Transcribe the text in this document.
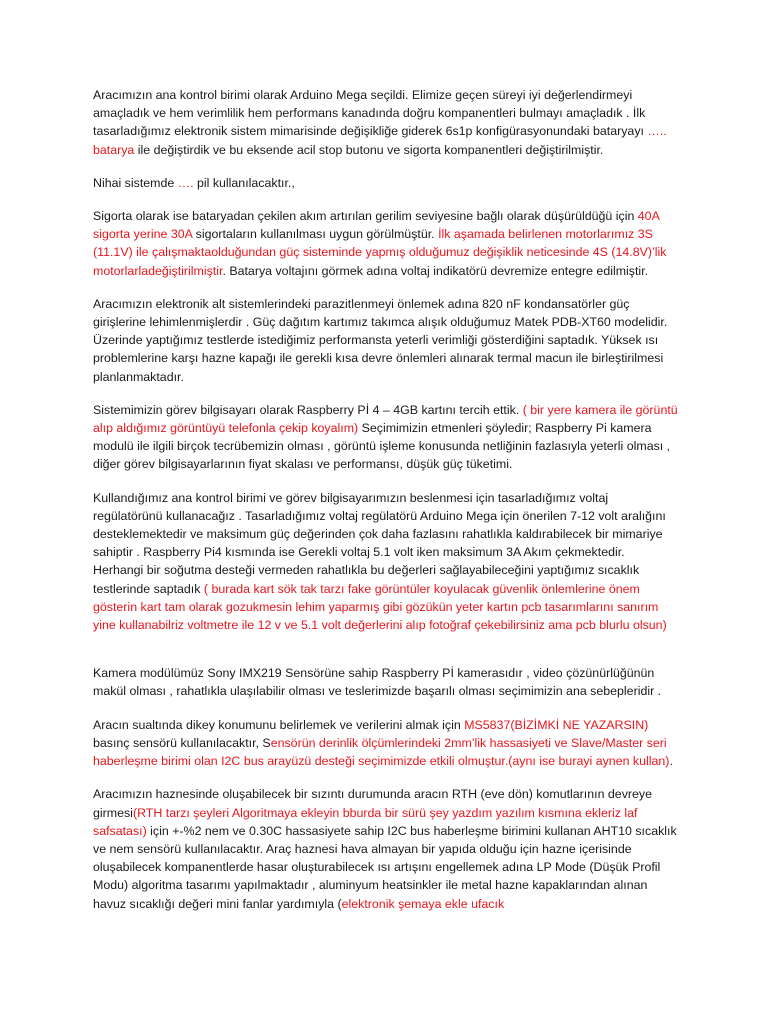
Aracımızın ana kontrol birimi olarak Arduino Mega seçildi. Elimize geçen süreyi iyi değerlendirmeyi amaçladık ve hem verimlilik hem performans kanadında doğru kompanentleri bulmayı amaçladık . İlk tasarladığımız elektronik sistem mimarisinde değişikliğe giderek 6s1p konfigürasyonundaki bataryayı ….. batarya ile değiştirdik ve bu eksende acil stop butonu ve sigorta kompanentleri değiştirilmiştir.

Nihai sistemde …. pil kullanılacaktır.,

Sigorta olarak ise bataryadan çekilen akım artırılan gerilim seviyesine bağlı olarak düşürüldüğü için 40A sigorta yerine 30A sigortaların kullanılması uygun görülmüştür. İlk aşamada belirlenen motorlarımız 3S (11.1V) ile çalışmaktaolduğundan güç sisteminde yapmış olduğumuz değişiklik neticesinde 4S (14.8V)’lik motorlarladeğiştirilmiştir. Batarya voltajını görmek adına voltaj indikatörü devremize entegre edilmiştir.

Aracımızın elektronik alt sistemlerindeki parazitlenmeyi önlemek adına 820 nF kondansatörler güç girişlerine lehimlenmişlerdir . Güç dağıtım kartımız takımca alışık olduğumuz Matek PDB-XT60 modelidir. Üzerinde yaptığımız testlerde istediğimiz performansta yeterli verimliği gösterdiğini saptadık. Yüksek ısı problemlerine karşı hazne kapağı ile gerekli kısa devre önlemleri alınarak termal macun ile birleştirilmesi planlanmaktadır.

Sistemimizin görev bilgisayarı olarak Raspberry Pİ 4 – 4GB kartını tercih ettik. ( bir yere kamera ile görüntü alıp aldığımız görüntüyü telefonla çekip koyalım) Seçimimizin etmenleri şöyledir; Raspberry Pi kamera modulü ile ilgili birçok tecrübemizin olması , görüntü işleme konusunda netliğinin fazlasıyla yeterli olması , diğer görev bilgisayarlarının fiyat skalası ve performansı, düşük güç tüketimi.

Kullandığımız ana kontrol birimi ve görev bilgisayarımızın beslenmesi için tasarladığımız voltaj regülatörünü kullanacağız . Tasarladığımız voltaj regülatörü Arduino Mega için önerilen 7-12 volt aralığını desteklemektedir ve maksimum güç değerinden çok daha fazlasını rahatlıkla kaldırabilecek bir mimariye sahiptir . Raspberry Pi4 kısmında ise Gerekli voltaj 5.1 volt iken maksimum 3A Akım çekmektedir. Herhangi bir soğutma desteği vermeden rahatlıkla bu değerleri sağlayabileceğini yaptığımız sıcaklık testlerinde saptadık ( burada kart sök tak tarzı fake görüntüler koyulacak güvenlik önlemlerine önem gösterin kart tam olarak gozukmesin lehim yaparmış gibi gözükün yeter kartın pcb tasarımlarını sanırım yine kullanabilriz voltmetre ile 12 v ve 5.1 volt değerlerini alıp fotoğraf çekebilirsiniz ama pcb blurlu olsun)

Kamera modülümüz Sony IMX219 Sensörüne sahip Raspberry Pİ kamerasıdır , video çözünürlüğünün makül olması , rahatlıkla ulaşılabilir olması ve teslerimizde başarılı olması seçimimizin ana sebepleridir .

Aracın sualtında dikey konumunu belirlemek ve verilerini almak için MS5837(BİZİMKİ NE YAZARSIN) basınç sensörü kullanılacaktır, Sensörün derinlik ölçümlerindeki 2mm’lik hassasiyeti ve Slave/Master seri haberleşme birimi olan I2C bus arayüzü desteği seçimimizde etkili olmuştur.(aynı ise burayi aynen kullan).

Aracımızın haznesinde oluşabilecek bir sızıntı durumunda aracın RTH (eve dön) komutlarının devreye girmesi(RTH tarzı şeyleri Algoritmaya ekleyin bburda bir sürü şey yazdım yazılım kısmına ekleriz laf safsatası) için +-%2 nem ve 0.30C hassasiyete sahip I2C bus haberleşme birimini kullanan AHT10 sıcaklık ve nem sensörü kullanılacaktır. Araç haznesi hava almayan bir yapıda olduğu için hazne içerisinde oluşabilecek kompanentlerde hasar oluşturabilecek ısı artışını engellemek adına LP Mode (Düşük Profil Modu) algoritma tasarımı yapılmaktadır , aluminyum heatsinkler ile metal hazne kapaklarından alınan havuz sıcaklığı değeri mini fanlar yardımıyla (elektronik şemaya ekle ufacık
